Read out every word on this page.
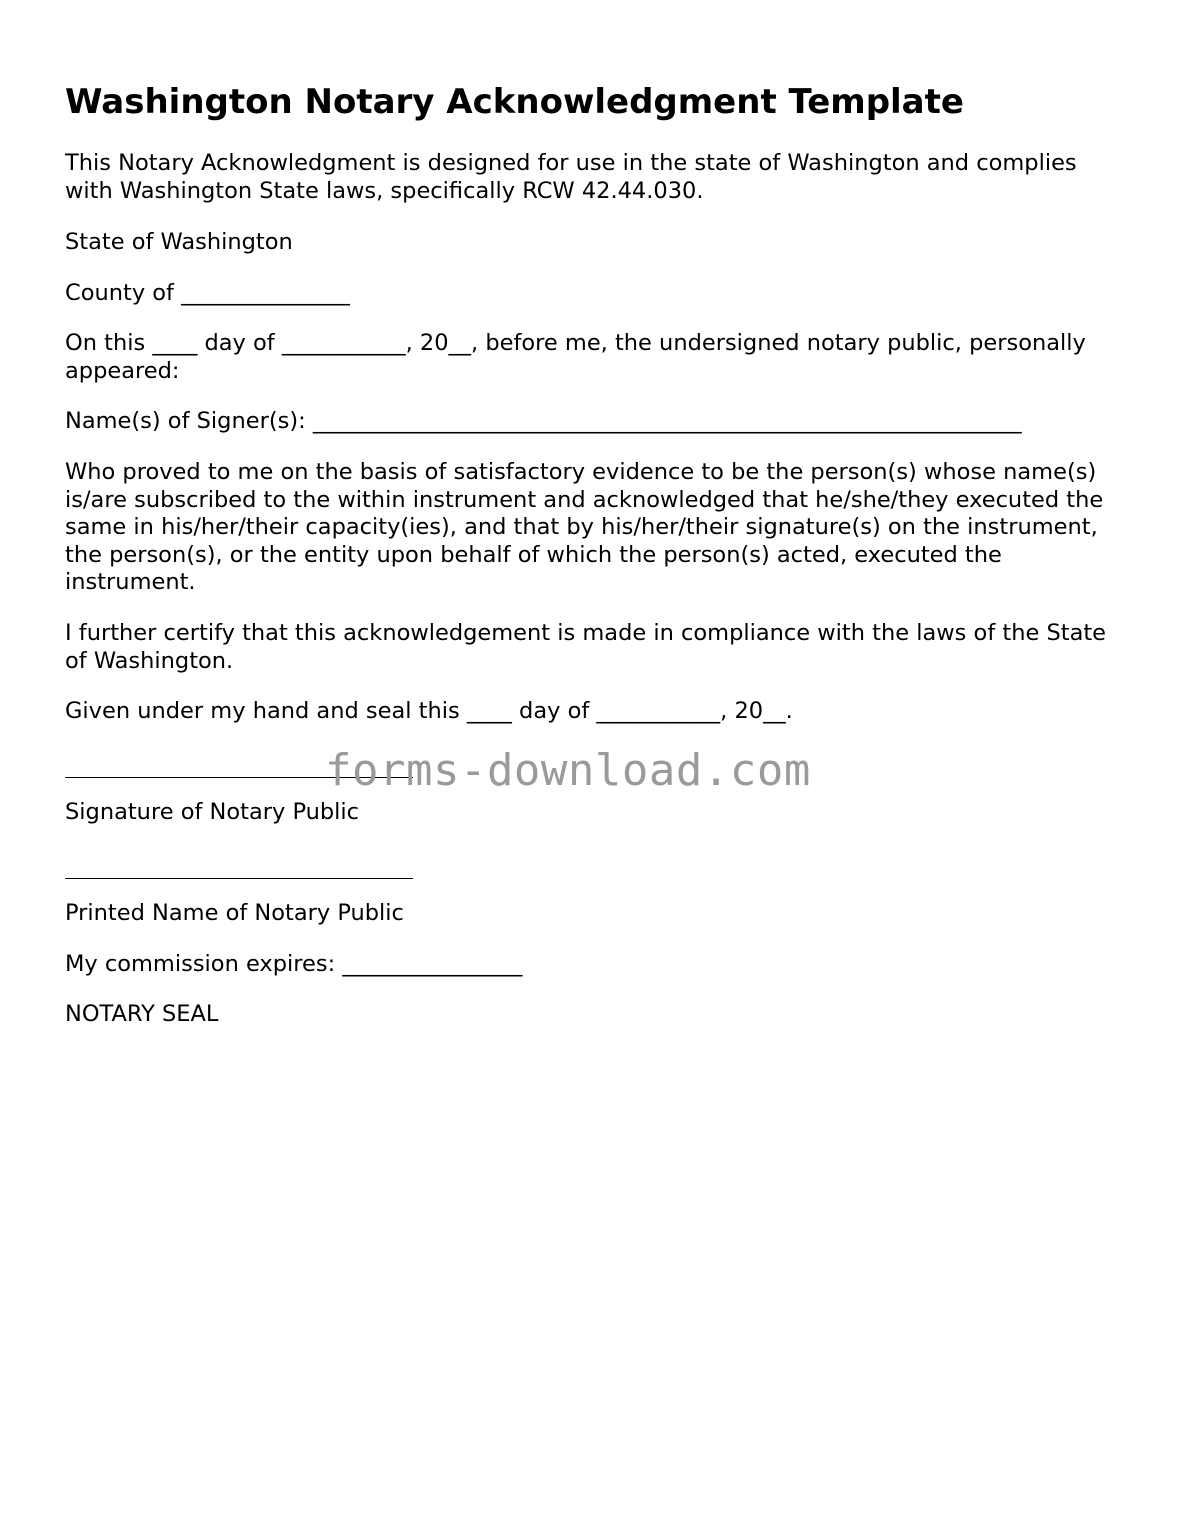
Washington Notary Acknowledgment Template

This Notary Acknowledgment is designed for use in the state of Washington and complies with Washington State laws, specifically RCW 42.44.030.

State of Washington

County of _______________

On this ____ day of ___________, 20__, before me, the undersigned notary public, personally appeared:

Name(s) of Signer(s): _______________________________________________________________

Who proved to me on the basis of satisfactory evidence to be the person(s) whose name(s) is/are subscribed to the within instrument and acknowledged that he/she/they executed the same in his/her/their capacity(ies), and that by his/her/their signature(s) on the instrument, the person(s), or the entity upon behalf of which the person(s) acted, executed the instrument.

I further certify that this acknowledgement is made in compliance with the laws of the State of Washington.

Given under my hand and seal this ____ day of ___________, 20__.

Signature of Notary Public

Printed Name of Notary Public

My commission expires: ________________

NOTARY SEAL

forms-download.com
